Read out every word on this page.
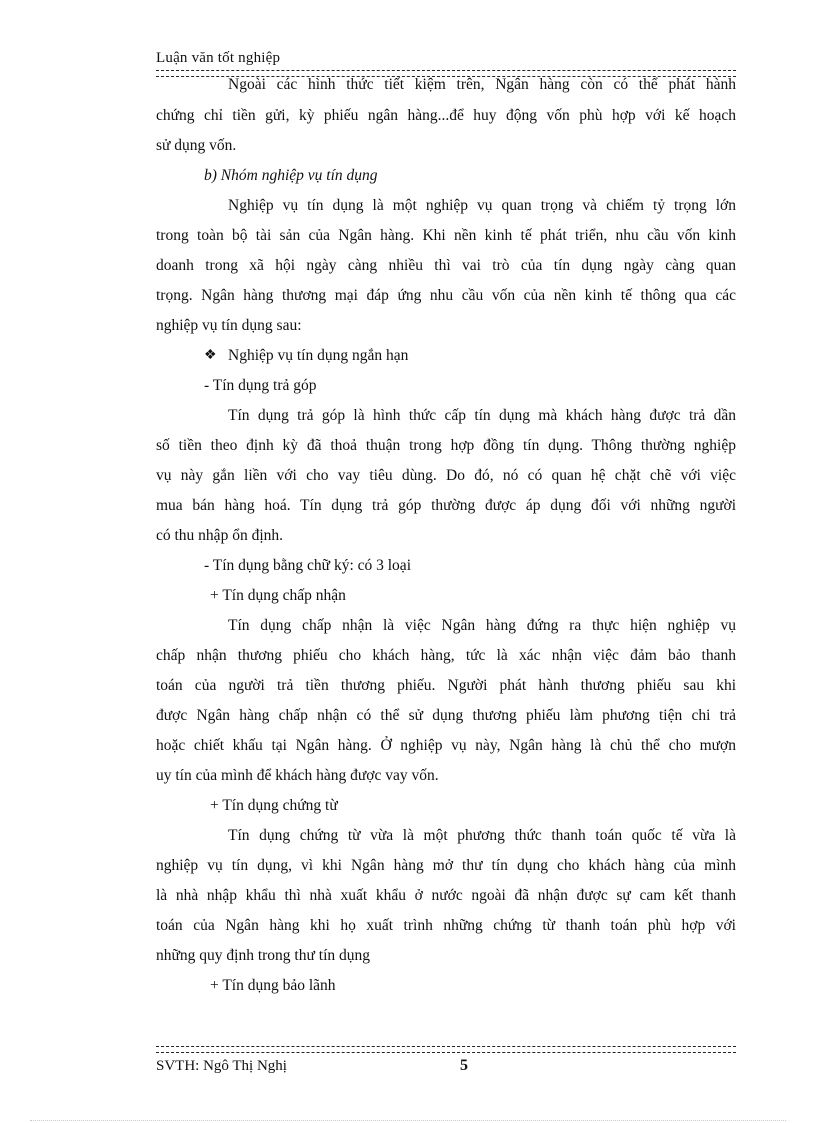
Luận văn tốt nghiệp
Ngoài các hình thức tiết kiệm trên, Ngân hàng còn có thể phát hành
chứng chỉ tiền gửi, kỳ phiếu ngân hàng...để huy động vốn phù hợp với kế hoạch
sử dụng vốn.
b) Nhóm nghiệp vụ tín dụng
Nghiệp vụ tín dụng là một nghiệp vụ quan trọng và chiếm tỷ trọng lớn
trong toàn bộ tài sản của Ngân hàng. Khi nền kinh tế phát triển, nhu cầu vốn kinh
doanh trong xã hội ngày càng nhiều thì vai trò của tín dụng ngày càng quan
trọng. Ngân hàng thương mại đáp ứng nhu cầu vốn của nền kinh tế thông qua các
nghiệp vụ tín dụng sau:
❖ Nghiệp vụ tín dụng ngắn hạn
- Tín dụng trả góp
Tín dụng trả góp là hình thức cấp tín dụng mà khách hàng được trả dần
số tiền theo định kỳ đã thoả thuận trong hợp đồng tín dụng. Thông thường nghiệp
vụ này gắn liền với cho vay tiêu dùng. Do đó, nó có quan hệ chặt chẽ với việc
mua bán hàng hoá. Tín dụng trả góp thường được áp dụng đối với những người
có thu nhập ổn định.
- Tín dụng bằng chữ ký: có 3 loại
+ Tín dụng chấp nhận
Tín dụng chấp nhận là việc Ngân hàng đứng ra thực hiện nghiệp vụ
chấp nhận thương phiếu cho khách hàng, tức là xác nhận việc đảm bảo thanh
toán của người trả tiền thương phiếu. Người phát hành thương phiếu sau khi
được Ngân hàng chấp nhận có thể sử dụng thương phiếu làm phương tiện chi trả
hoặc chiết khấu tại Ngân hàng. Ở nghiệp vụ này, Ngân hàng là chủ thể cho mượn
uy tín của mình để khách hàng được vay vốn.
+ Tín dụng chứng từ
Tín dụng chứng từ vừa là một phương thức thanh toán quốc tế vừa là
nghiệp vụ tín dụng, vì khi Ngân hàng mở thư tín dụng cho khách hàng của mình
là nhà nhập khẩu thì nhà xuất khẩu ở nước ngoài đã nhận được sự cam kết thanh
toán của Ngân hàng khi họ xuất trình những chứng từ thanh toán phù hợp với
những quy định trong thư tín dụng
+ Tín dụng bảo lãnh
SVTH: Ngô Thị Nghị	5
